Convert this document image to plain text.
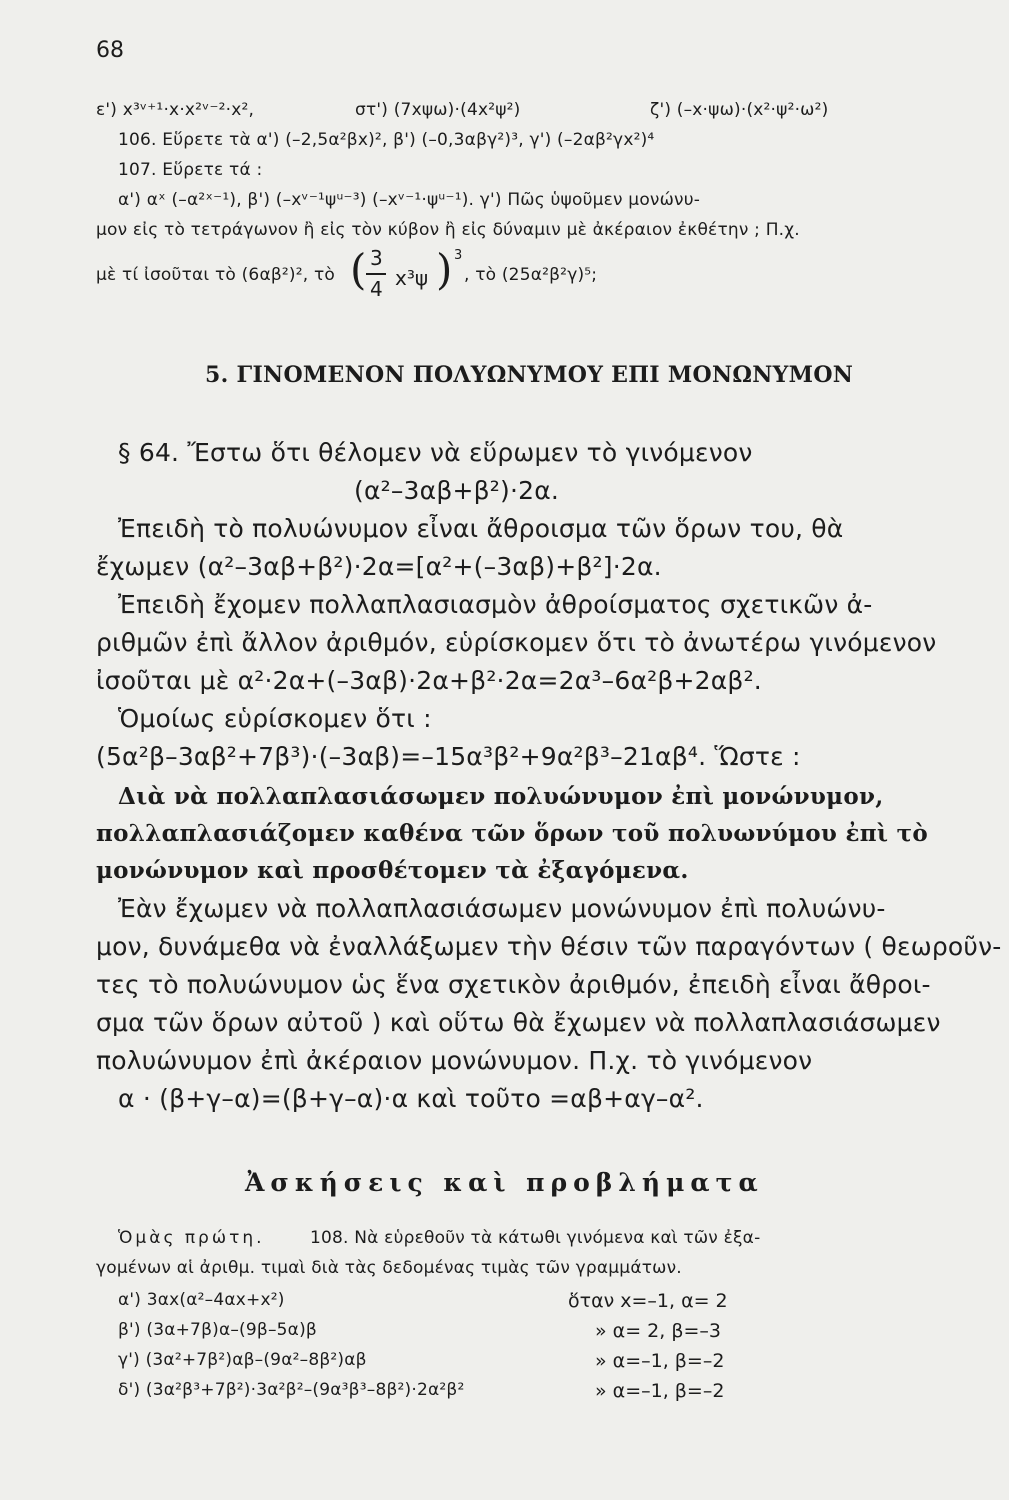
68
ε') x³ᵛ⁺¹·x·x²ᵛ⁻²·x²,	στ') (7xψω)·(4x²ψ²)	ζ') (–x·ψω)·(x²·ψ²·ω²)
106. Εὕρετε τὰ α') (–2,5α²βx)², β') (–0,3αβγ²)³, γ') (–2αβ²γx²)⁴
107. Εὕρετε τά :
α') αˣ (–α²ˣ⁻¹), β') (–xᵛ⁻¹ψᵘ⁻³) (–xᵛ⁻¹·ψᵘ⁻¹). γ') Πῶς ὑψοῦμεν μονώνυ-
μον εἰς τὸ τετράγωνον ἢ εἰς τὸν κύβον ἢ εἰς δύναμιν μὲ ἀκέραιον ἐκθέτην ; Π.χ.
μὲ τί ἰσοῦται τὸ (6αβ²)², τὸ ( 3
4 x³ψ ) 3
, τὸ (25α²β²γ)⁵;
5. ΓΙΝΟΜΕΝΟΝ ΠΟΛΥΩΝΥΜΟΥ ΕΠΙ ΜΟΝΩΝΥΜΟΝ
§ 64. Ἔστω ὅτι θέλομεν νὰ εὕρωμεν τὸ γινόμενον
(α²–3αβ+β²)·2α.
Ἐπειδὴ τὸ πολυώνυμον εἶναι ἄθροισμα τῶν ὅρων του, θὰ
ἔχωμεν (α²–3αβ+β²)·2α=[α²+(–3αβ)+β²]·2α.
Ἐπειδὴ ἔχομεν πολλαπλασιασμὸν ἀθροίσματος σχετικῶν ἀ-
ριθμῶν ἐπὶ ἄλλον ἀριθμόν, εὑρίσκομεν ὅτι τὸ ἀνωτέρω γινόμενον
ἰσοῦται μὲ α²·2α+(–3αβ)·2α+β²·2α=2α³–6α²β+2αβ².
Ὁμοίως εὑρίσκομεν ὅτι :
(5α²β–3αβ²+7β³)·(–3αβ)=–15α³β²+9α²β³–21αβ⁴. Ὥστε :
Διὰ νὰ πολλαπλασιάσωμεν πολυώνυμον ἐπὶ μονώνυμον,
πολλαπλασιάζομεν καθένα τῶν ὅρων τοῦ πολυωνύμου ἐπὶ τὸ
μονώνυμον καὶ προσθέτομεν τὰ ἐξαγόμενα.
Ἐὰν ἔχωμεν νὰ πολλαπλασιάσωμεν μονώνυμον ἐπὶ πολυώνυ-
μον, δυνάμεθα νὰ ἐναλλάξωμεν τὴν θέσιν τῶν παραγόντων ( θεωροῦν-
τες τὸ πολυώνυμον ὡς ἕνα σχετικὸν ἀριθμόν, ἐπειδὴ εἶναι ἄθροι-
σμα τῶν ὅρων αὐτοῦ ) καὶ οὕτω θὰ ἔχωμεν νὰ πολλαπλασιάσωμεν
πολυώνυμον ἐπὶ ἀκέραιον μονώνυμον. Π.χ. τὸ γινόμενον
α · (β+γ–α)=(β+γ–α)·α καὶ τοῦτο =αβ+αγ–α².
Ἀσκήσεις καὶ προβλήματα
Ὁμὰς πρώτη.	108. Νὰ εὑρεθοῦν τὰ κάτωθι γινόμενα καὶ τῶν ἐξα-
γομένων αἱ ἀριθμ. τιμαὶ διὰ τὰς δεδομένας τιμὰς τῶν γραμμάτων.
α') 3αx(α²–4αx+x²)	ὅταν x=–1, α= 2
β') (3α+7β)α–(9β–5α)β	» α= 2, β=–3
γ') (3α²+7β²)αβ–(9α²–8β²)αβ	» α=–1, β=–2
δ') (3α²β³+7β²)·3α²β²–(9α³β³–8β²)·2α²β²	» α=–1, β=–2
